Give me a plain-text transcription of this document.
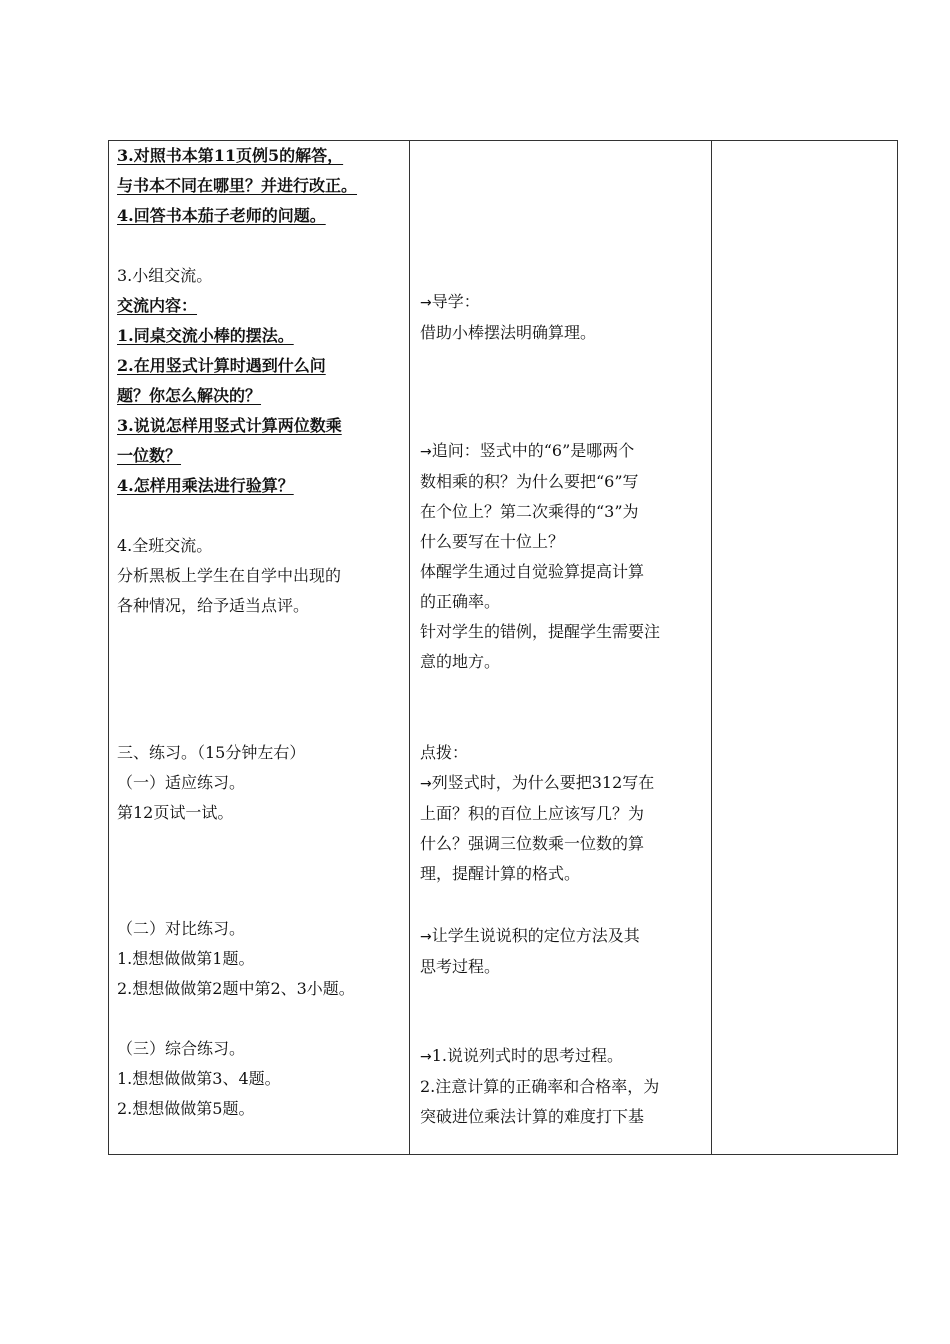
3.对照书本第11页例5的解答，
与书本不同在哪里？并进行改正。
4.回答书本茄子老师的问题。
3.小组交流。
交流内容：
1.同桌交流小棒的摆法。
2.在用竖式计算时遇到什么问
题？你怎么解决的？
3.说说怎样用竖式计算两位数乘
一位数？
4.怎样用乘法进行验算？
4.全班交流。
分析黑板上学生在自学中出现的
各种情况，给予适当点评。
三、练习。（15分钟左右）
（一）适应练习。
第12页试一试。
（二）对比练习。
1.想想做做第1题。
2.想想做做第2题中第2、3小题。
（三）综合练习。
1.想想做做第3、4题。
2.想想做做第5题。
→导学：
借助小棒摆法明确算理。
→追问：竖式中的“6”是哪两个
数相乘的积？为什么要把“6”写
在个位上？第二次乘得的“3”为
什么要写在十位上？
体醒学生通过自觉验算提高计算
的正确率。
针对学生的错例，提醒学生需要注
意的地方。
点拨：
→列竖式时，为什么要把312写在
上面？积的百位上应该写几？为
什么？强调三位数乘一位数的算
理，提醒计算的格式。
→让学生说说积的定位方法及其
思考过程。
→1.说说列式时的思考过程。
2.注意计算的正确率和合格率，为
突破进位乘法计算的难度打下基
